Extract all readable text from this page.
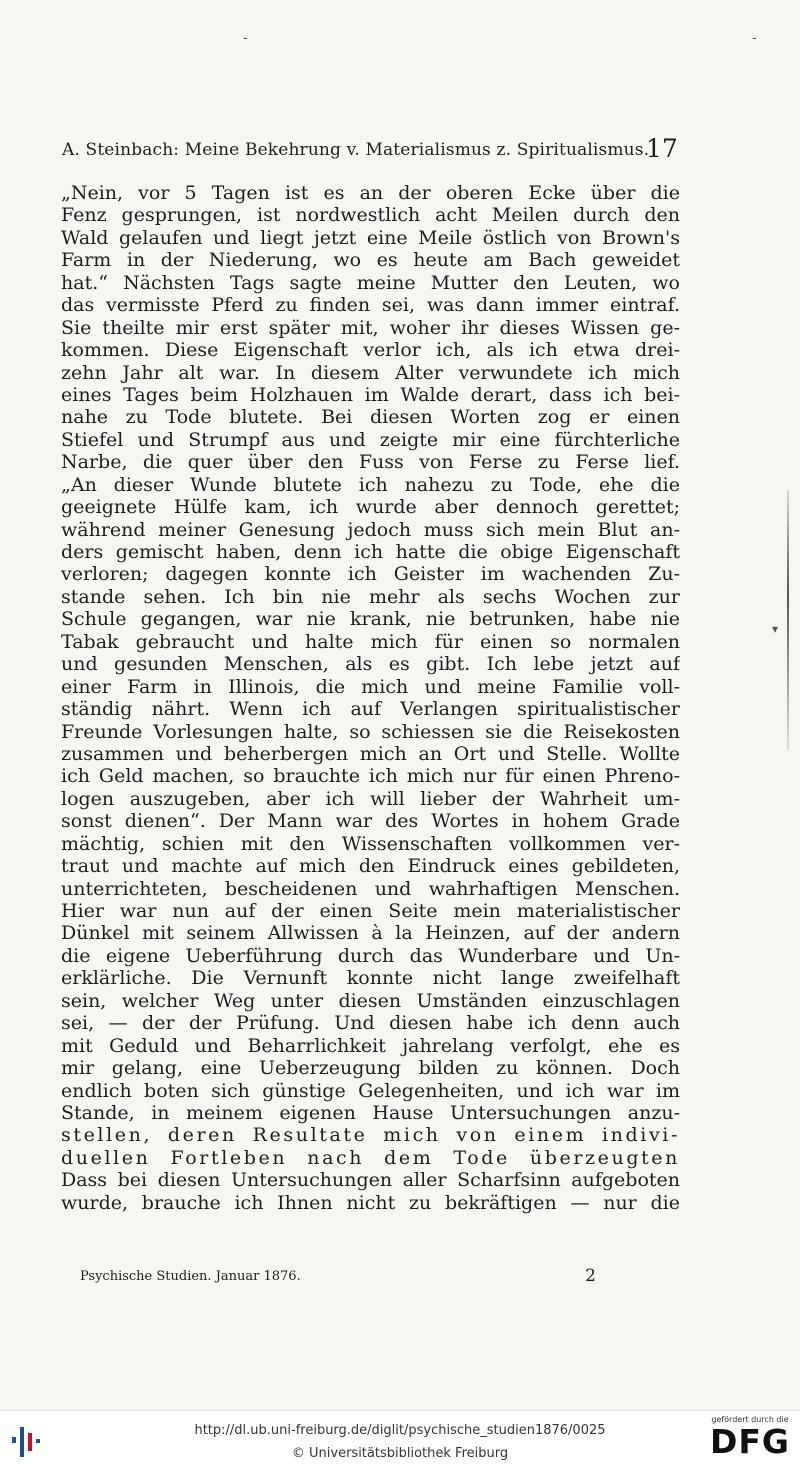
-	-
A. Steinbach: Meine Bekehrung v. Materialismus z. Spiritualismus.
17
„Nein, vor 5 Tagen ist es an der oberen Ecke über die
Fenz gesprungen, ist nordwestlich acht Meilen durch den
Wald gelaufen und liegt jetzt eine Meile östlich von Brown's
Farm in der Niederung, wo es heute am Bach geweidet
hat.“ Nächsten Tags sagte meine Mutter den Leuten, wo
das vermisste Pferd zu finden sei, was dann immer eintraf.
Sie theilte mir erst später mit, woher ihr dieses Wissen ge-
kommen. Diese Eigenschaft verlor ich, als ich etwa drei-
zehn Jahr alt war. In diesem Alter verwundete ich mich
eines Tages beim Holzhauen im Walde derart, dass ich bei-
nahe zu Tode blutete. Bei diesen Worten zog er einen
Stiefel und Strumpf aus und zeigte mir eine fürchterliche
Narbe, die quer über den Fuss von Ferse zu Ferse lief.
„An dieser Wunde blutete ich nahezu zu Tode, ehe die
geeignete Hülfe kam, ich wurde aber dennoch gerettet;
während meiner Genesung jedoch muss sich mein Blut an-
ders gemischt haben, denn ich hatte die obige Eigenschaft
verloren; dagegen konnte ich Geister im wachenden Zu-
stande sehen. Ich bin nie mehr als sechs Wochen zur
Schule gegangen, war nie krank, nie betrunken, habe nie
Tabak gebraucht und halte mich für einen so normalen
und gesunden Menschen, als es gibt. Ich lebe jetzt auf
einer Farm in Illinois, die mich und meine Familie voll-
ständig nährt. Wenn ich auf Verlangen spiritualistischer
Freunde Vorlesungen halte, so schiessen sie die Reisekosten
zusammen und beherbergen mich an Ort und Stelle. Wollte
ich Geld machen, so brauchte ich mich nur für einen Phreno-
logen auszugeben, aber ich will lieber der Wahrheit um-
sonst dienen“. Der Mann war des Wortes in hohem Grade
mächtig, schien mit den Wissenschaften vollkommen ver-
traut und machte auf mich den Eindruck eines gebildeten,
unterrichteten, bescheidenen und wahrhaftigen Menschen.
Hier war nun auf der einen Seite mein materialistischer
Dünkel mit seinem Allwissen à la Heinzen, auf der andern
die eigene Ueberführung durch das Wunderbare und Un-
erklärliche. Die Vernunft konnte nicht lange zweifelhaft
sein, welcher Weg unter diesen Umständen einzuschlagen
sei, — der der Prüfung. Und diesen habe ich denn auch
mit Geduld und Beharrlichkeit jahrelang verfolgt, ehe es
mir gelang, eine Ueberzeugung bilden zu können. Doch
endlich boten sich günstige Gelegenheiten, und ich war im
Stande, in meinem eigenen Hause Untersuchungen anzu-
stellen, deren Resultate mich von einem indivi-
duellen Fortleben nach dem Tode überzeugten
Dass bei diesen Untersuchungen aller Scharfsinn aufgeboten
wurde, brauche ich Ihnen nicht zu bekräftigen — nur die
Psychische Studien. Januar 1876.	2
▾
http://dl.ub.uni-freiburg.de/diglit/psychische_studien1876/0025
© Universitätsbibliothek Freiburg
gefördert durch die
DFG
